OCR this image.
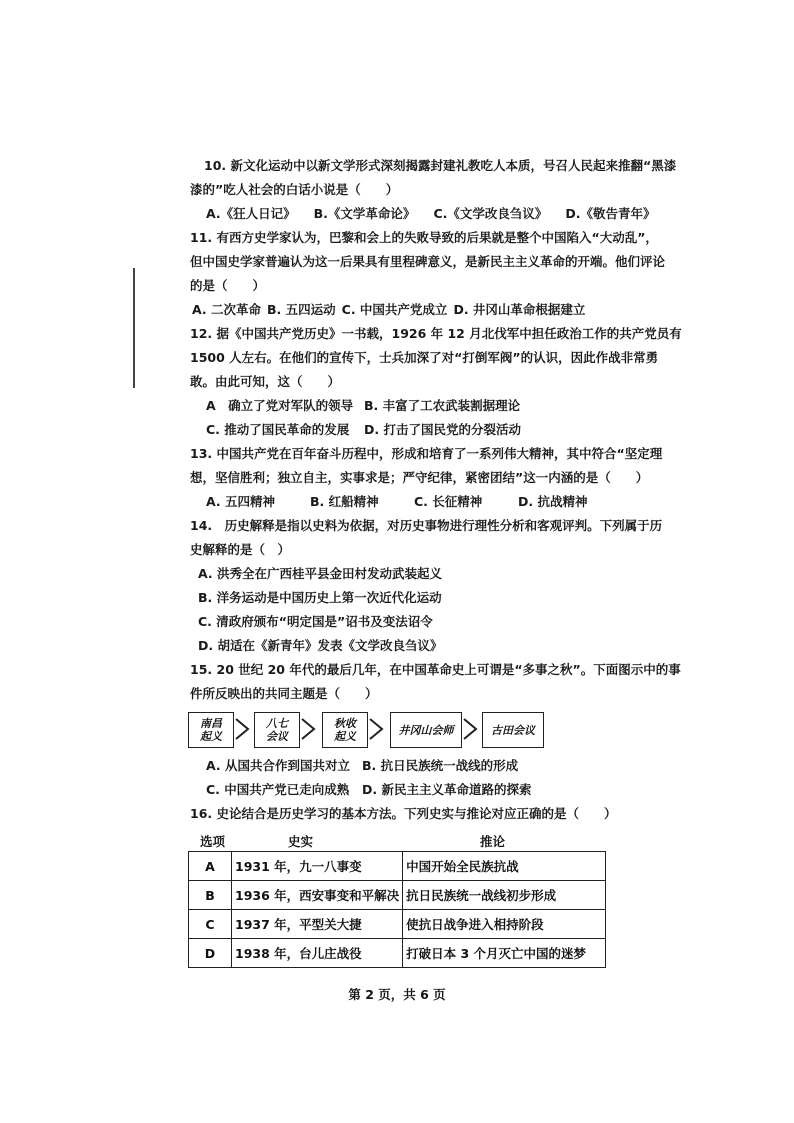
10. 新文化运动中以新文学形式深刻揭露封建礼教吃人本质，号召人民起来推翻“黑漆
漆的”吃人社会的白话小说是（　　）
A.《狂人日记》 B.《文学革命论》 C.《文学改良刍议》 D.《敬告青年》
11. 有西方史学家认为，巴黎和会上的失败导致的后果就是整个中国陷入“大动乱”，
但中国史学家普遍认为这一后果具有里程碑意义，是新民主主义革命的开端。他们评论
的是（　　）
A. 二次革命 B. 五四运动 C. 中国共产党成立 D. 井冈山革命根据建立
12. 据《中国共产党历史》一书载，1926 年 12 月北伐军中担任政治工作的共产党员有
1500 人左右。在他们的宣传下，士兵加深了对“打倒军阀”的认识，因此作战非常勇
敢。由此可知，这（　　）
A　确立了党对军队的领导 B. 丰富了工农武装割据理论
C. 推动了国民革命的发展 D. 打击了国民党的分裂活动
13. 中国共产党在百年奋斗历程中，形成和培育了一系列伟大精神，其中符合“坚定理
想，坚信胜利；独立自主，实事求是；严守纪律，紧密团结”这一内涵的是（　　）
A. 五四精神	B. 红船精神	C. 长征精神	D. 抗战精神
14.　历史解释是指以史料为依据，对历史事物进行理性分析和客观评判。下列属于历
史解释的是（　）
A. 洪秀全在广西桂平县金田村发动武装起义
B. 洋务运动是中国历史上第一次近代化运动
C. 清政府颁布“明定国是”诏书及变法诏令
D. 胡适在《新青年》发表《文学改良刍议》
15. 20 世纪 20 年代的最后几年，在中国革命史上可谓是“多事之秋”。下面图示中的事
件所反映出的共同主题是（　　）
南昌起义
八七会议
秋收起义	井冈山会师	古田会议
A. 从国共合作到国共对立 B. 抗日民族统一战线的形成
C. 中国共产党已走向成熟 D. 新民主主义革命道路的探索
16. 史论结合是历史学习的基本方法。下列史实与推论对应正确的是（　　）
选项	史实	推论
A	1931 年，九一八事变	中国开始全民族抗战
B	1936 年，西安事变和平解决	抗日民族统一战线初步形成
C	1937 年，平型关大捷	使抗日战争进入相持阶段
D	1938 年，台儿庄战役	打破日本 3 个月灭亡中国的迷梦
第 2 页，共 6 页
